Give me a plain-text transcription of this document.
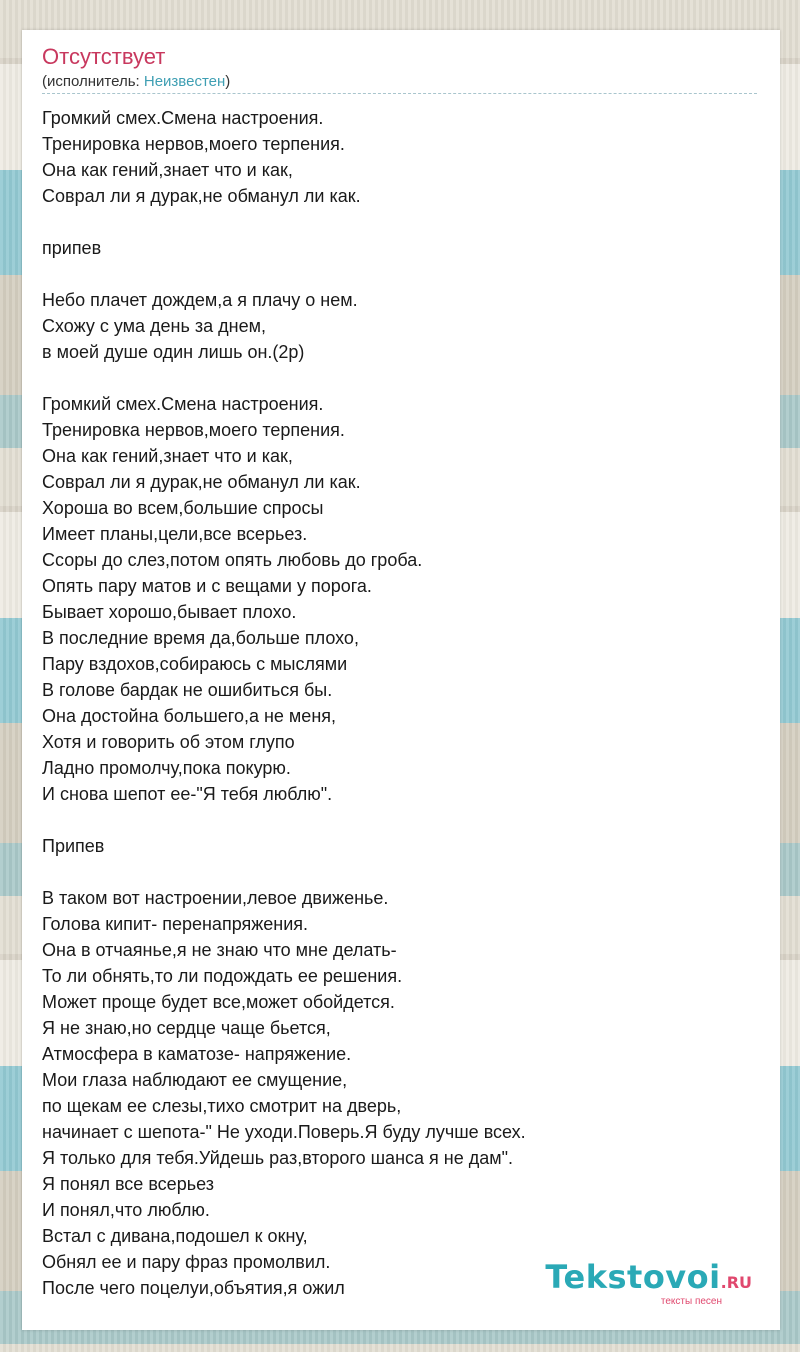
Отсутствует
(исполнитель: Неизвестен)
Громкий смех.Смена настроения.
Тренировка нервов,моего терпения.
Она как гений,знает что и как,
Соврал ли я дурак,не обманул ли как.
припев
Небо плачет дождем,а я плачу о нем.
Схожу с ума день за днем,
в моей душе один лишь он.(2р)
Громкий смех.Смена настроения.
Тренировка нервов,моего терпения.
Она как гений,знает что и как,
Соврал ли я дурак,не обманул ли как.
Хороша во всем,большие спросы
Имеет планы,цели,все всерьез.
Ссоры до слез,потом опять любовь до гроба.
Опять пару матов и с вещами у порога.
Бывает хорошо,бывает плохо.
В последние время да,больше плохо,
Пару вздохов,собираюсь с мыслями
В голове бардак не ошибиться бы.
Она достойна большего,а не меня,
Хотя и говорить об этом глупо
Ладно промолчу,пока покурю.
И снова шепот ее-"Я тебя люблю".
Припев
В таком вот настроении,левое движенье.
Голова кипит- перенапряжения.
Она в отчаянье,я не знаю что мне делать-
То ли обнять,то ли подождать ее решения.
Может проще будет все,может обойдется.
Я не знаю,но сердце чаще бьется,
Атмосфера в каматозе- напряжение.
Мои глаза наблюдают ее смущение,
по щекам ее слезы,тихо смотрит на дверь,
начинает с шепота-" Не уходи.Поверь.Я буду лучше всех.
Я только для тебя.Уйдешь раз,второго шанса я не дам".
Я понял все всерьез
И понял,что люблю.
Встал с дивана,подошел к окну,
Обнял ее и пару фраз промолвил.
После чего поцелуи,объятия,я ожил	Tekstovoi.RU
тексты песен
